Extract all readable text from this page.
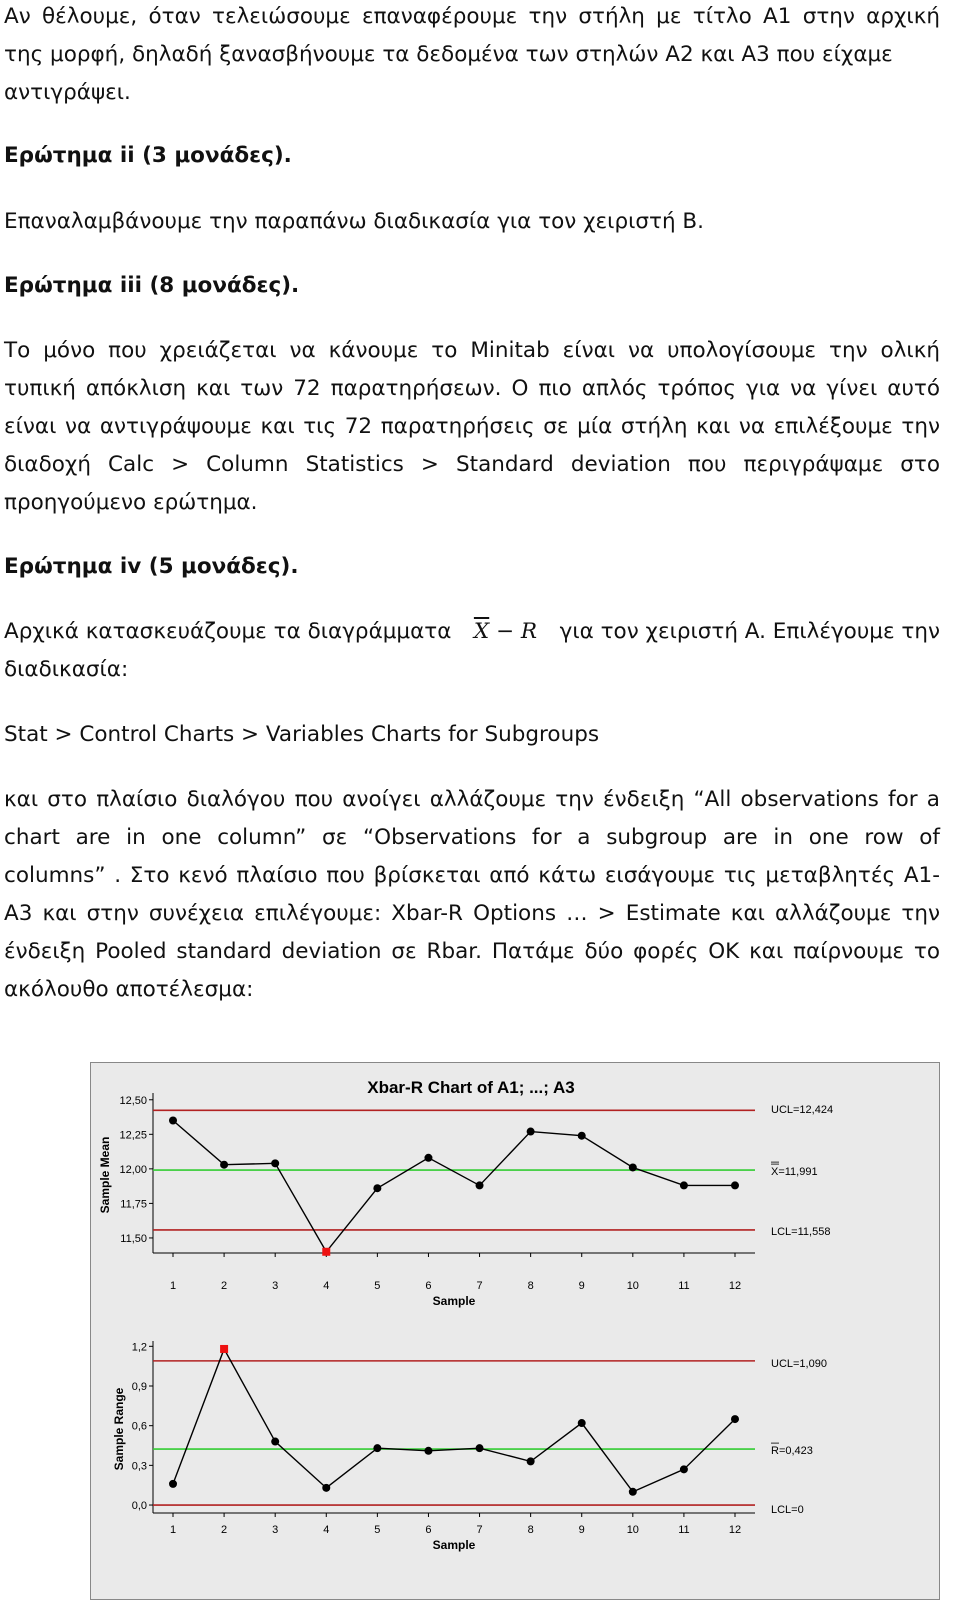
Αν θέλουμε, όταν τελειώσουμε επαναφέρουμε την στήλη με τίτλο A1 στην αρχική
της μορφή, δηλαδή ξανασβήνουμε τα δεδομένα των στηλών A2 και A3 που είχαμε
αντιγράψει.

Ερώτημα ii (3 μονάδες).

Επαναλαμβάνουμε την παραπάνω διαδικασία για τον χειριστή B.

Ερώτημα iii (8 μονάδες).

Το μόνο που χρειάζεται να κάνουμε το Minitab είναι να υπολογίσουμε την ολική
τυπική απόκλιση και των 72 παρατηρήσεων. Ο πιο απλός τρόπος για να γίνει αυτό
είναι να αντιγράψουμε και τις 72 παρατηρήσεις σε μία στήλη και να επιλέξουμε την
διαδοχή Calc > Column Statistics > Standard deviation που περιγράψαμε στο
προηγούμενο ερώτημα.

Ερώτημα iv (5 μονάδες).

Αρχικά κατασκευάζουμε τα διαγράμματα $\overline{X} - R$ για τον χειριστή A. Επιλέγουμε την
διαδικασία:

Stat > Control Charts > Variables Charts for Subgroups

και στο πλαίσιο διαλόγου που ανοίγει αλλάζουμε την ένδειξη “All observations for a
chart are in one column” σε “Observations for a subgroup are in one row of
columns” . Στο κενό πλαίσιο που βρίσκεται από κάτω εισάγουμε τις μεταβλητές A1-
A3 και στην συνέχεια επιλέγουμε: Xbar-R Options … > Estimate και αλλάζουμε την
ένδειξη Pooled standard deviation σε Rbar. Πατάμε δύο φορές OK και παίρνουμε το
ακόλουθο αποτέλεσμα:

Xbar-R Chart of A1; ...; A3
12,50
12,25
12,00
11,75
11,50
1	2	3	4	5	6	7	8	9	10	11	12
Sample
Sample Mean
UCL=12,424
X=11,991
LCL=11,558
1,2
0,9
0,6
0,3
0,0
1	2	3	4	5	6	7	8	9	10	11	12
Sample
Sample Range
UCL=1,090
R=0,423
LCL=0
